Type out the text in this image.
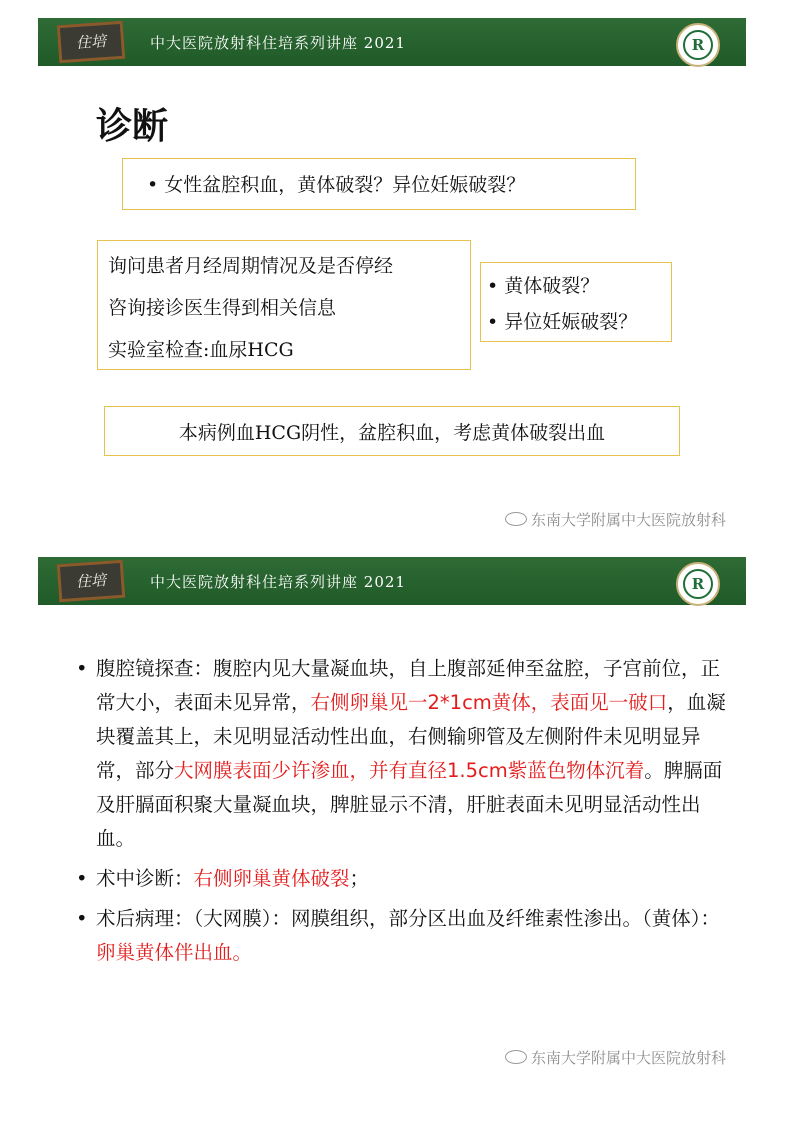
住培	中大医院放射科住培系列讲座 2021	R
诊断
• 女性盆腔积血，黄体破裂？异位妊娠破裂？
询问患者月经周期情况及是否停经
咨询接诊医生得到相关信息
实验室检查:血尿HCG
• 黄体破裂？
• 异位妊娠破裂？
本病例血HCG阴性，盆腔积血，考虑黄体破裂出血
东南大学附属中大医院放射科
住培	中大医院放射科住培系列讲座 2021	R
• 腹腔镜探查：腹腔内见大量凝血块，自上腹部延伸至盆腔，子宫前位，正常大小，表面未见异常，右侧卵巢见一2*1cm黄体，表面见一破口，血凝块覆盖其上，未见明显活动性出血，右侧输卵管及左侧附件未见明显异常，部分大网膜表面少许渗血，并有直径1.5cm紫蓝色物体沉着。脾膈面及肝膈面积聚大量凝血块，脾脏显示不清，肝脏表面未见明显活动性出血。
• 术中诊断：右侧卵巢黄体破裂；
• 术后病理：（大网膜）：网膜组织，部分区出血及纤维素性渗出。（黄体）：卵巢黄体伴出血。
东南大学附属中大医院放射科
